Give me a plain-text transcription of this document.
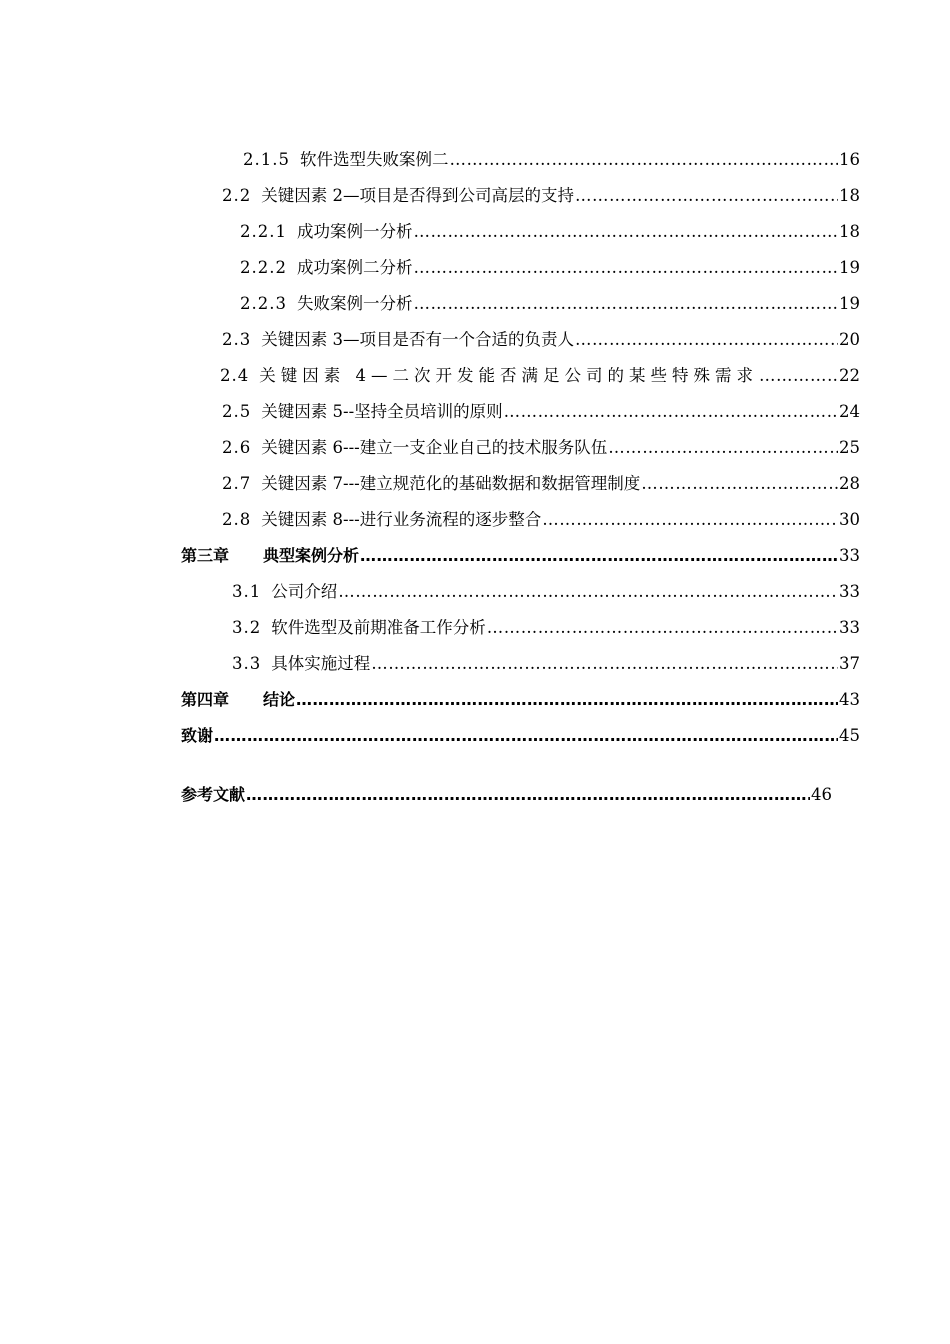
2.1.5 软件选型失败案例二 ………………………………………………………………………………………………………………………………………………………………	16
2.2 关键因素 2—项目是否得到公司高层的支持 ………………………………………………………………………………………………………………………………………………………………	18
2.2.1 成功案例一分析 ………………………………………………………………………………………………………………………………………………………………	18
2.2.2 成功案例二分析 ………………………………………………………………………………………………………………………………………………………………	19
2.2.3 失败案例一分析 ………………………………………………………………………………………………………………………………………………………………	19
2.3 关键因素 3—项目是否有一个合适的负责人 ………………………………………………………………………………………………………………………………………………………………	20
2.4 关键因素 4—二次开发能否满足公司的某些特殊需求 ………………………………………………………………………………………………………………………………………………………………	22
2.5 关键因素 5--坚持全员培训的原则 ………………………………………………………………………………………………………………………………………………………………	24
2.6 关键因素 6---建立一支企业自己的技术服务队伍 ………………………………………………………………………………………………………………………………………………………………	25
2.7 关键因素 7---建立规范化的基础数据和数据管理制度 ………………………………………………………………………………………………………………………………………………………………	28
2.8 关键因素 8---进行业务流程的逐步整合 ………………………………………………………………………………………………………………………………………………………………	30
第三章 典型案例分析 ………………………………………………………………………………………………………………………………………………………………	33
3.1 公司介绍 ………………………………………………………………………………………………………………………………………………………………	33
3.2 软件选型及前期准备工作分析 ………………………………………………………………………………………………………………………………………………………………	33
3.3 具体实施过程 ………………………………………………………………………………………………………………………………………………………………	37
第四章 结论 ………………………………………………………………………………………………………………………………………………………………	43
致谢 ………………………………………………………………………………………………………………………………………………………………	45
参考文献 ………………………………………………………………………………………………………………………………………………………………	46
